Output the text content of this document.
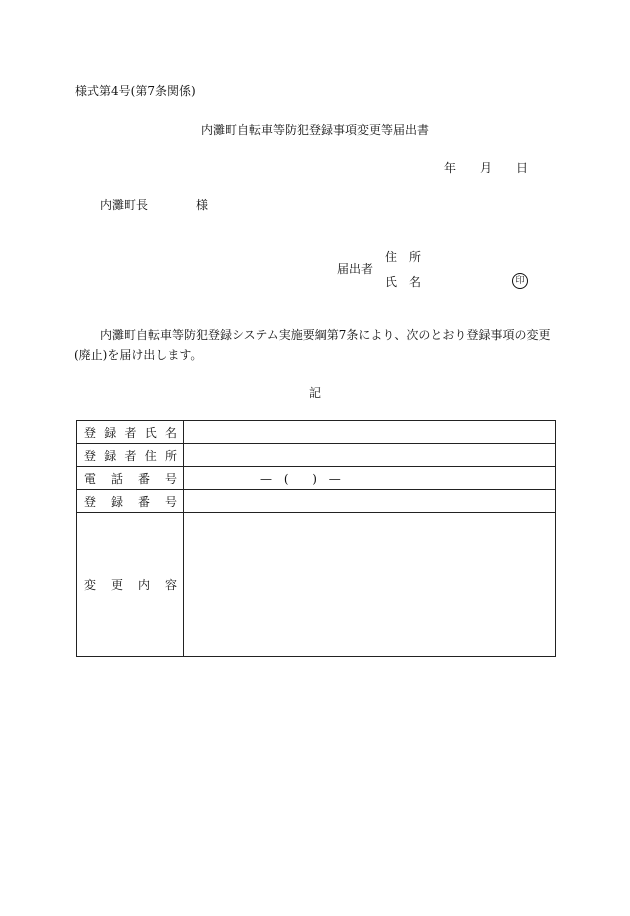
様式第4号(第7条関係)
内灘町自転車等防犯登録事項変更等届出書
年 月 日
内灘町長	様
届出者
住所
氏名	印
内灘町自転車等防犯登録システム実施要綱第7条により、次のとおり登録事項の変更
(廃止)を届け出します。
記
登 録 者 氏 名	

登 録 者 住 所	

電 話 番 号	— (　 ) —

登 録 番 号	

変 更 内 容	
